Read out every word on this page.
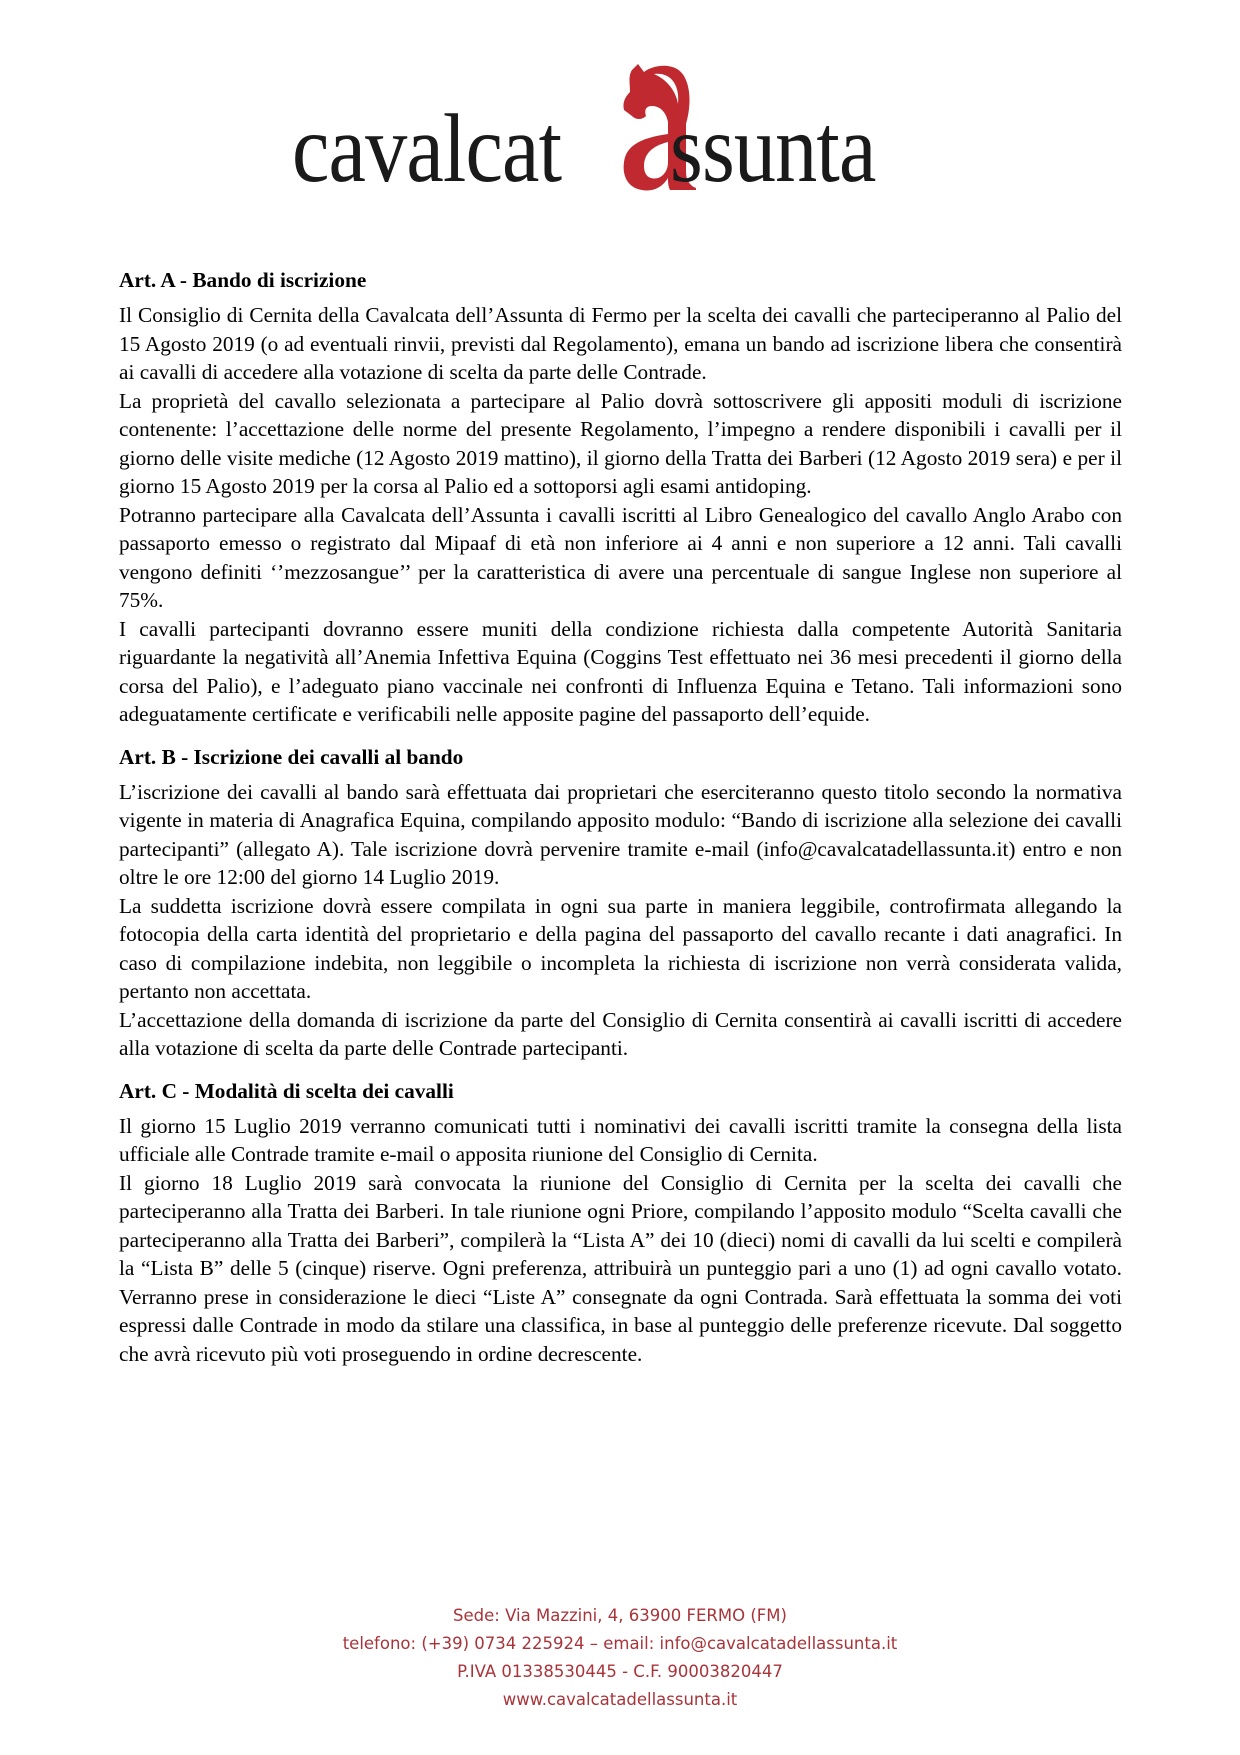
cavalcat ssunta
Art. A - Bando di iscrizione

Il Consiglio di Cernita della Cavalcata dell’Assunta di Fermo per la scelta dei cavalli che parteciperanno al Palio del 15 Agosto 2019 (o ad eventuali rinvii, previsti dal Regolamento), emana un bando ad iscrizione libera che consentirà ai cavalli di accedere alla votazione di scelta da parte delle Contrade.

La proprietà del cavallo selezionata a partecipare al Palio dovrà sottoscrivere gli appositi moduli di iscrizione contenente: l’accettazione delle norme del presente Regolamento, l’impegno a rendere disponibili i cavalli per il giorno delle visite mediche (12 Agosto 2019 mattino), il giorno della Tratta dei Barberi (12 Agosto 2019 sera) e per il giorno 15 Agosto 2019 per la corsa al Palio ed a sottoporsi agli esami antidoping.

Potranno partecipare alla Cavalcata dell’Assunta i cavalli iscritti al Libro Genealogico del cavallo Anglo Arabo con passaporto emesso o registrato dal Mipaaf di età non inferiore ai 4 anni e non superiore a 12 anni. Tali cavalli vengono definiti ‘’mezzosangue’’ per la caratteristica di avere una percentuale di sangue Inglese non superiore al 75%.

I cavalli partecipanti dovranno essere muniti della condizione richiesta dalla competente Autorità Sanitaria riguardante la negatività all’Anemia Infettiva Equina (Coggins Test effettuato nei 36 mesi precedenti il giorno della corsa del Palio), e l’adeguato piano vaccinale nei confronti di Influenza Equina e Tetano. Tali informazioni sono adeguatamente certificate e verificabili nelle apposite pagine del passaporto dell’equide.

Art. B - Iscrizione dei cavalli al bando

L’iscrizione dei cavalli al bando sarà effettuata dai proprietari che eserciteranno questo titolo secondo la normativa vigente in materia di Anagrafica Equina, compilando apposito modulo: “Bando di iscrizione alla selezione dei cavalli partecipanti” (allegato A). Tale iscrizione dovrà pervenire tramite e-mail (info@cavalcatadellassunta.it) entro e non oltre le ore 12:00 del giorno 14 Luglio 2019.

La suddetta iscrizione dovrà essere compilata in ogni sua parte in maniera leggibile, controfirmata allegando la fotocopia della carta identità del proprietario e della pagina del passaporto del cavallo recante i dati anagrafici. In caso di compilazione indebita, non leggibile o incompleta la richiesta di iscrizione non verrà considerata valida, pertanto non accettata.

L’accettazione della domanda di iscrizione da parte del Consiglio di Cernita consentirà ai cavalli iscritti di accedere alla votazione di scelta da parte delle Contrade partecipanti.

Art. C - Modalità di scelta dei cavalli

Il giorno 15 Luglio 2019 verranno comunicati tutti i nominativi dei cavalli iscritti tramite la consegna della lista ufficiale alle Contrade tramite e-mail o apposita riunione del Consiglio di Cernita.

Il giorno 18 Luglio 2019 sarà convocata la riunione del Consiglio di Cernita per la scelta dei cavalli che parteciperanno alla Tratta dei Barberi. In tale riunione ogni Priore, compilando l’apposito modulo “Scelta cavalli che parteciperanno alla Tratta dei Barberi”, compilerà la “Lista A” dei 10 (dieci) nomi di cavalli da lui scelti e compilerà la “Lista B” delle 5 (cinque) riserve. Ogni preferenza, attribuirà un punteggio pari a uno (1) ad ogni cavallo votato. Verranno prese in considerazione le dieci “Liste A” consegnate da ogni Contrada. Sarà effettuata la somma dei voti espressi dalle Contrade in modo da stilare una classifica, in base al punteggio delle preferenze ricevute. Dal soggetto che avrà ricevuto più voti proseguendo in ordine decrescente.

Sede: Via Mazzini, 4, 63900 FERMO (FM)
telefono: (+39) 0734 225924 – email: info@cavalcatadellassunta.it
P.IVA 01338530445 - C.F. 90003820447
www.cavalcatadellassunta.it
